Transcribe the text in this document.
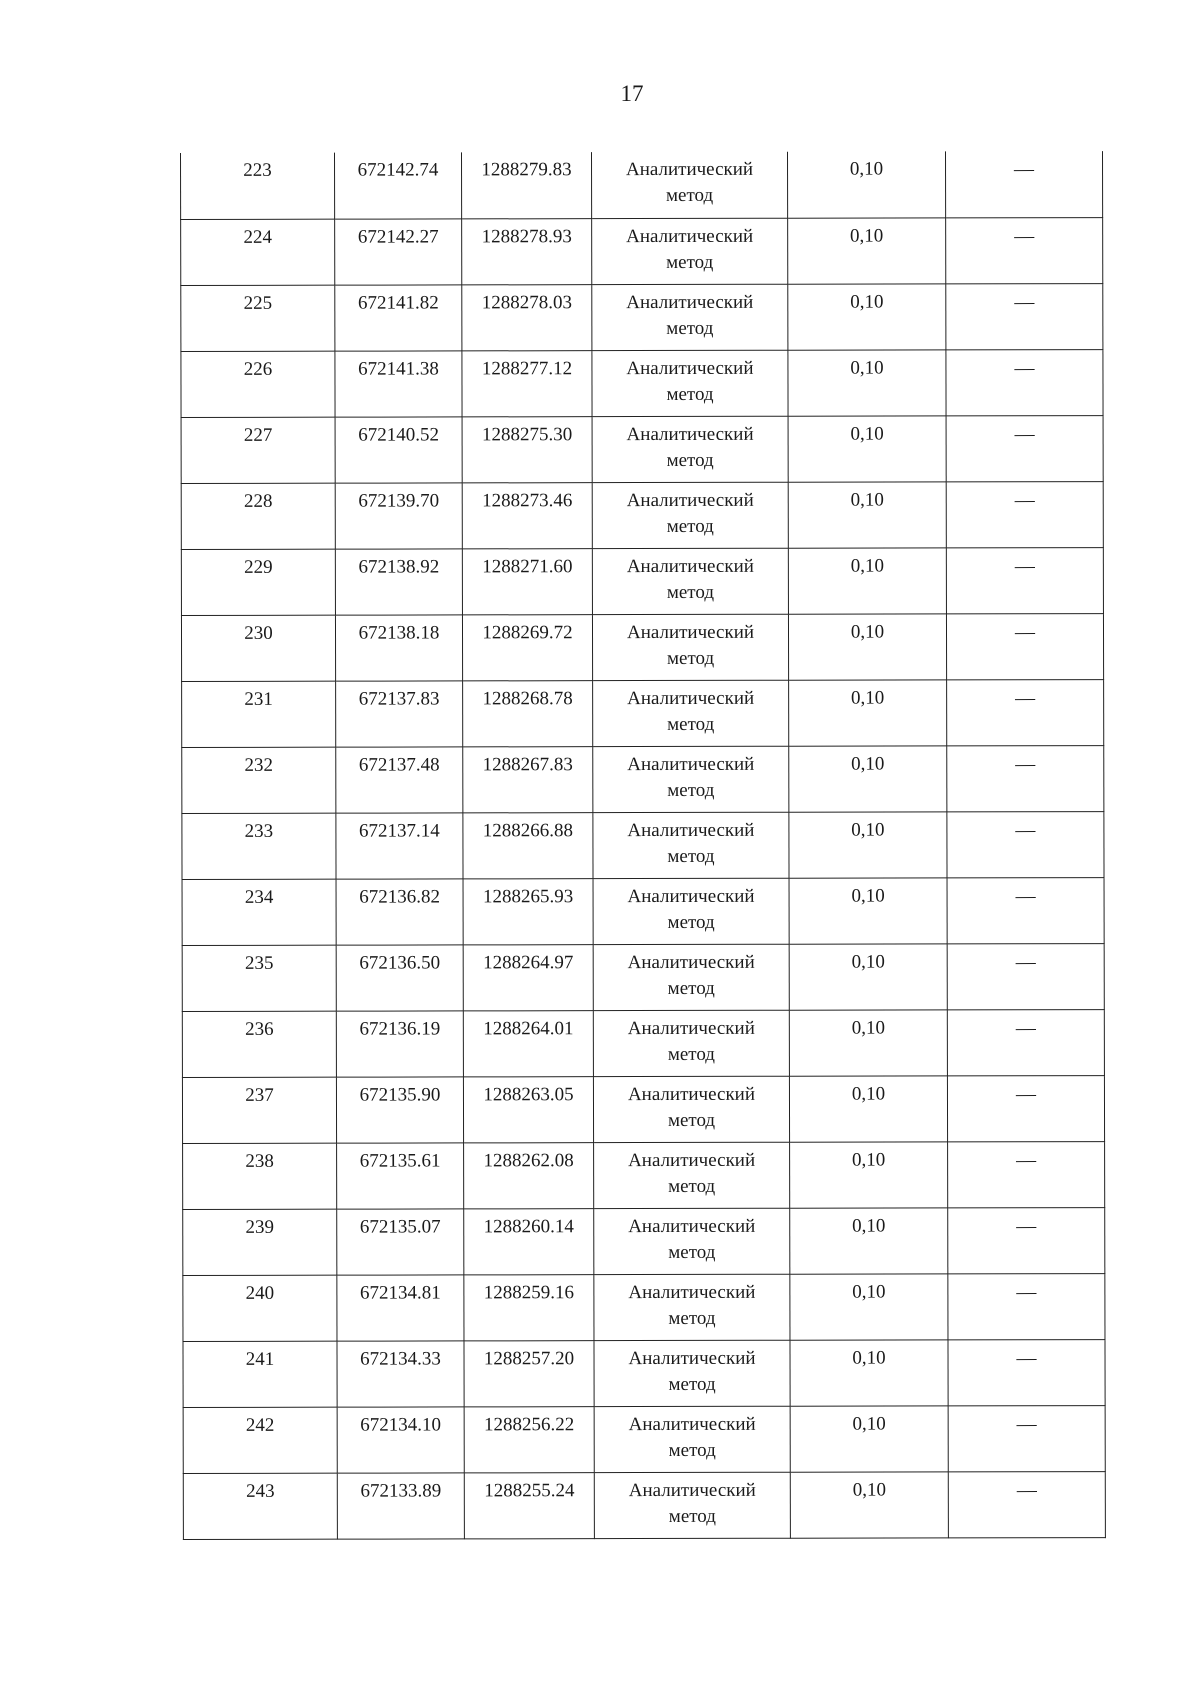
17
223	672142.74	1288279.83	Аналитический
метод	0,10	—
224	672142.27	1288278.93	Аналитический
метод	0,10	—
225	672141.82	1288278.03	Аналитический
метод	0,10	—
226	672141.38	1288277.12	Аналитический
метод	0,10	—
227	672140.52	1288275.30	Аналитический
метод	0,10	—
228	672139.70	1288273.46	Аналитический
метод	0,10	—
229	672138.92	1288271.60	Аналитический
метод	0,10	—
230	672138.18	1288269.72	Аналитический
метод	0,10	—
231	672137.83	1288268.78	Аналитический
метод	0,10	—
232	672137.48	1288267.83	Аналитический
метод	0,10	—
233	672137.14	1288266.88	Аналитический
метод	0,10	—
234	672136.82	1288265.93	Аналитический
метод	0,10	—
235	672136.50	1288264.97	Аналитический
метод	0,10	—
236	672136.19	1288264.01	Аналитический
метод	0,10	—
237	672135.90	1288263.05	Аналитический
метод	0,10	—
238	672135.61	1288262.08	Аналитический
метод	0,10	—
239	672135.07	1288260.14	Аналитический
метод	0,10	—
240	672134.81	1288259.16	Аналитический
метод	0,10	—
241	672134.33	1288257.20	Аналитический
метод	0,10	—
242	672134.10	1288256.22	Аналитический
метод	0,10	—
243	672133.89	1288255.24	Аналитический
метод	0,10	—
